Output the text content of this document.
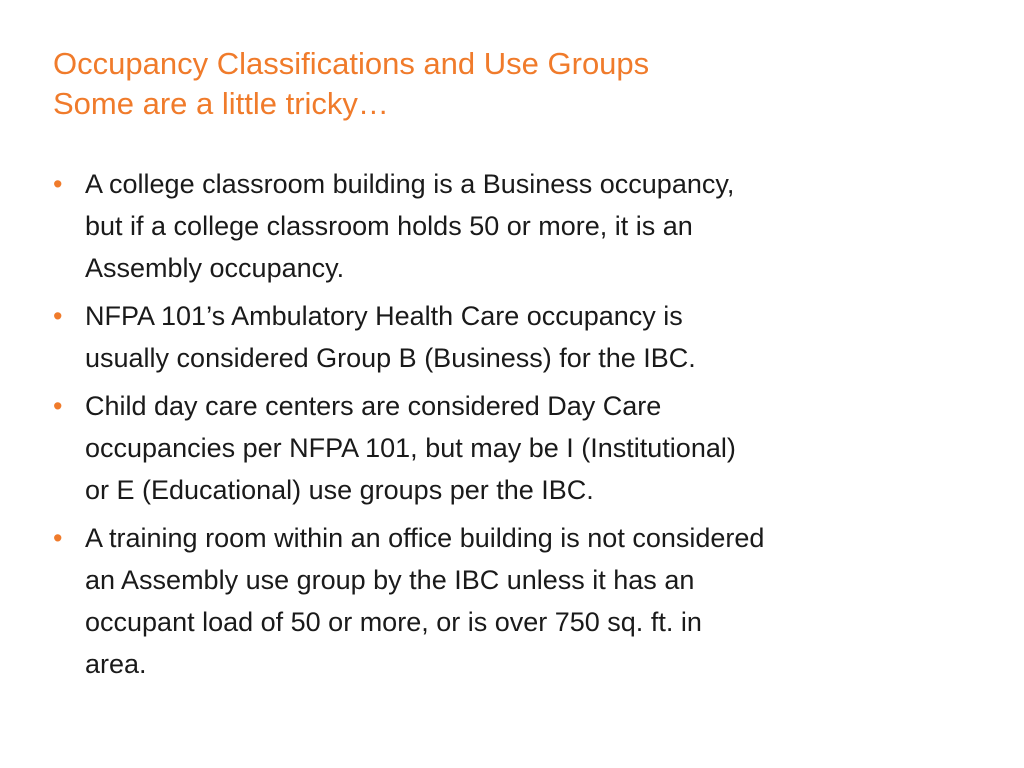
Occupancy Classifications and Use Groups
Some are a little tricky…
• A college classroom building is a Business occupancy,
but if a college classroom holds 50 or more, it is an
Assembly occupancy.
• NFPA 101’s Ambulatory Health Care occupancy is
usually considered Group B (Business) for the IBC.
• Child day care centers are considered Day Care
occupancies per NFPA 101, but may be I (Institutional)
or E (Educational) use groups per the IBC.
• A training room within an office building is not considered
an Assembly use group by the IBC unless it has an
occupant load of 50 or more, or is over 750 sq. ft. in
area.
